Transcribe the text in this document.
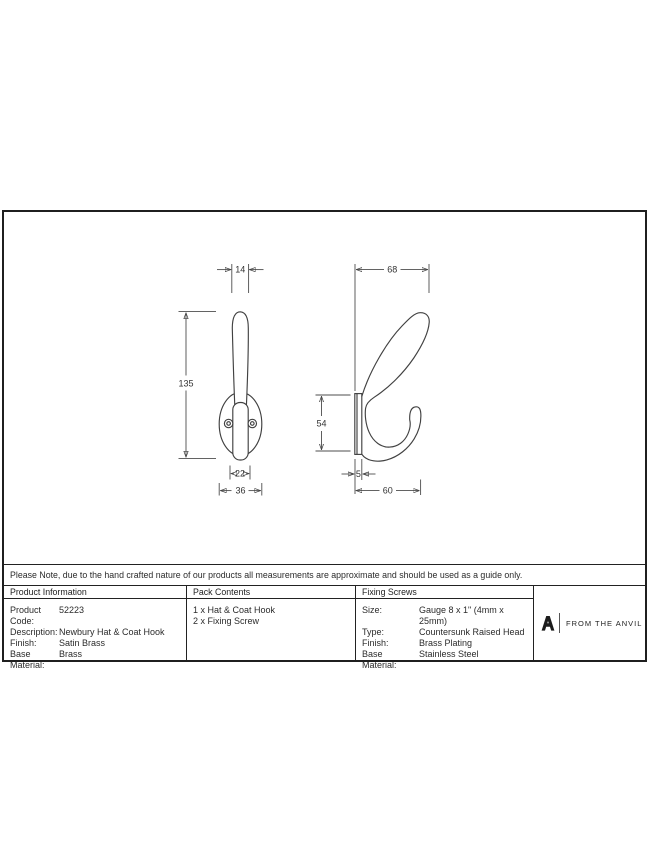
14
135
22
36
68
54
5
60
Please Note, due to the hand crafted nature of our products all measurements are approximate and should be used as a guide only.
Product Information
Product Code:
52223
Description: Newbury Hat & Coat Hook
Finish:	Satin Brass
Base Material:
Brass
Pack Contents
1 x Hat & Coat Hook
2 x Fixing Screw
Fixing Screws
Size:	Gauge 8 x 1" (4mm x 25mm)
Type:	Countersunk Raised Head
Finish:	Brass Plating
Base Material:
Stainless Steel
FROM THE ANVIL
